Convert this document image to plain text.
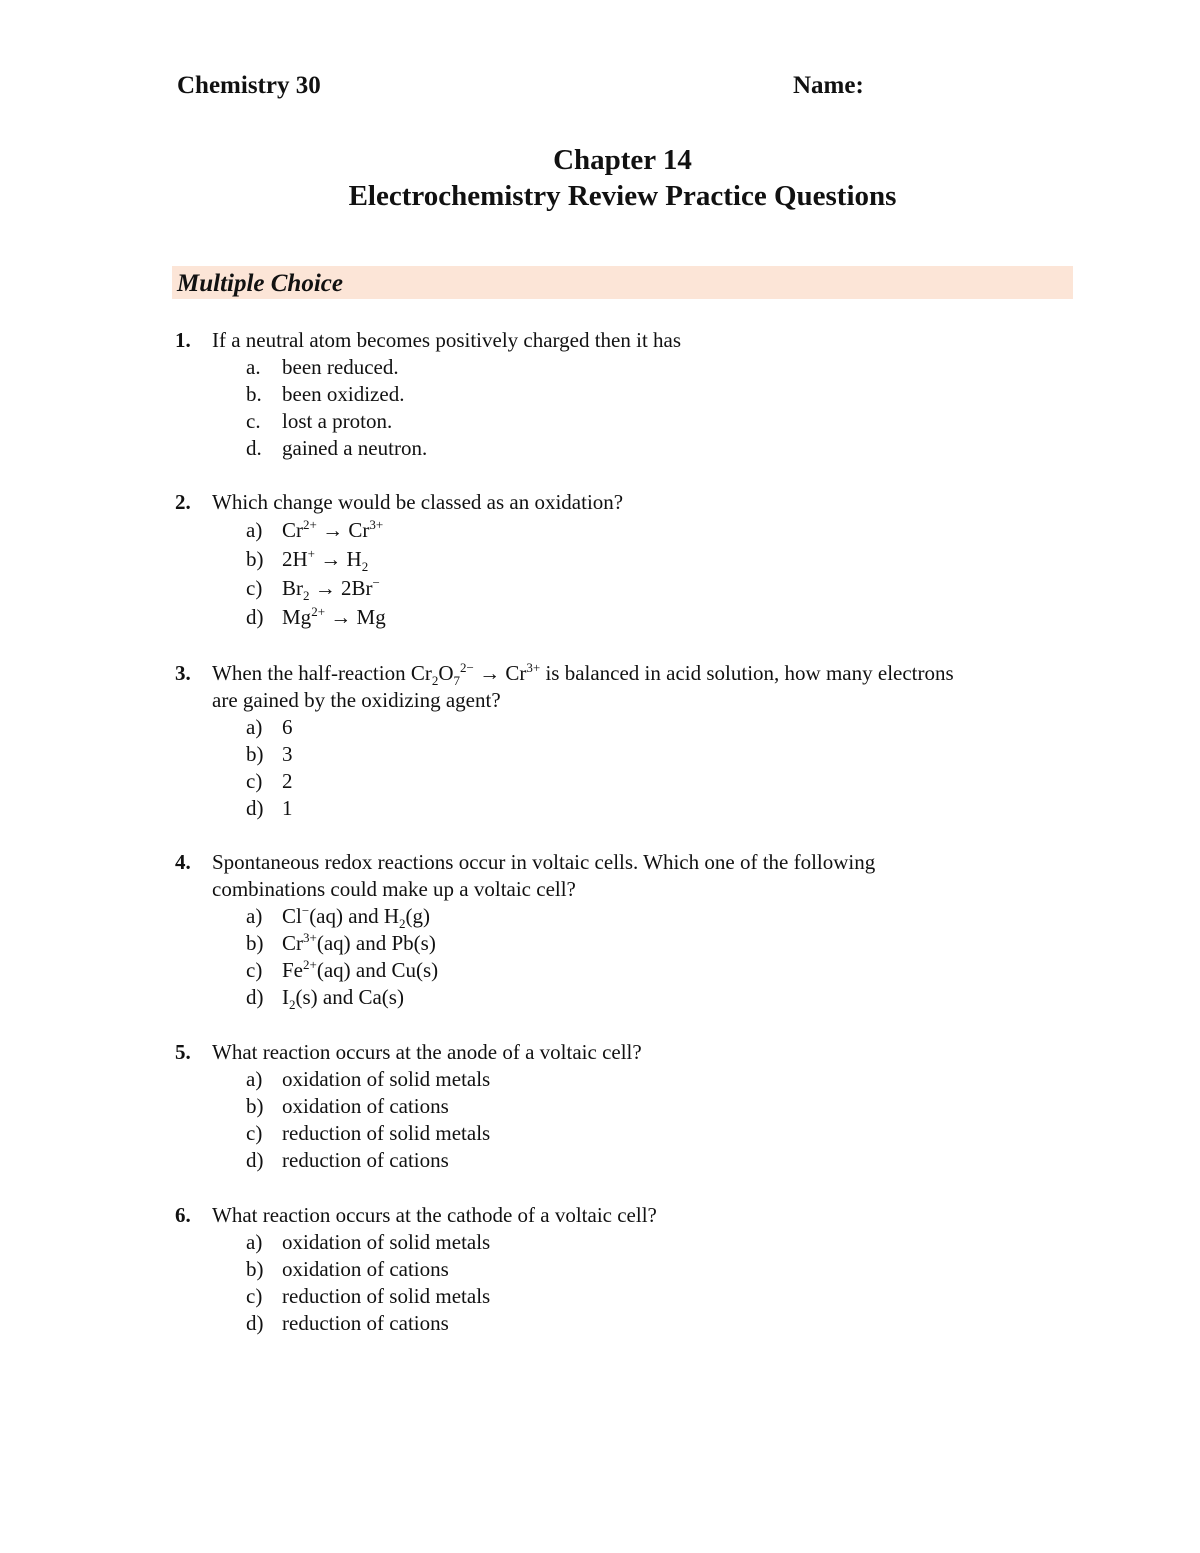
Chemistry 30	Name:
Chapter 14
Electrochemistry Review Practice Questions
Multiple Choice
1. If a neutral atom becomes positively charged then it has
a. been reduced.
b. been oxidized.
c. lost a proton.
d. gained a neutron.
2. Which change would be classed as an oxidation?
a) $Cr^{2+} \to Cr^{3+}$
b) $2H^+ \to H_2$
c) $Br_2 \to 2Br^-$
d) $Mg^{2+} \to Mg$
3. When the half-reaction $Cr_2O_7^{2-} \to Cr^{3+}$ is balanced in acid solution, how many electrons
are gained by the oxidizing agent?
a) 6
b) 3
c) 2
d) 1
4. Spontaneous redox reactions occur in voltaic cells. Which one of the following
combinations could make up a voltaic cell?
a) Cl−(aq) and $H_2(g)$
b) $Cr^{3+}(aq)$ and Pb(s)
c) $Fe^{2+}(aq)$ and Cu(s)
d) $I_2(s)$ and Ca(s)
5. What reaction occurs at the anode of a voltaic cell?
a) oxidation of solid metals
b) oxidation of cations
c) reduction of solid metals
d) reduction of cations
6. What reaction occurs at the cathode of a voltaic cell?
a) oxidation of solid metals
b) oxidation of cations
c) reduction of solid metals
d) reduction of cations
